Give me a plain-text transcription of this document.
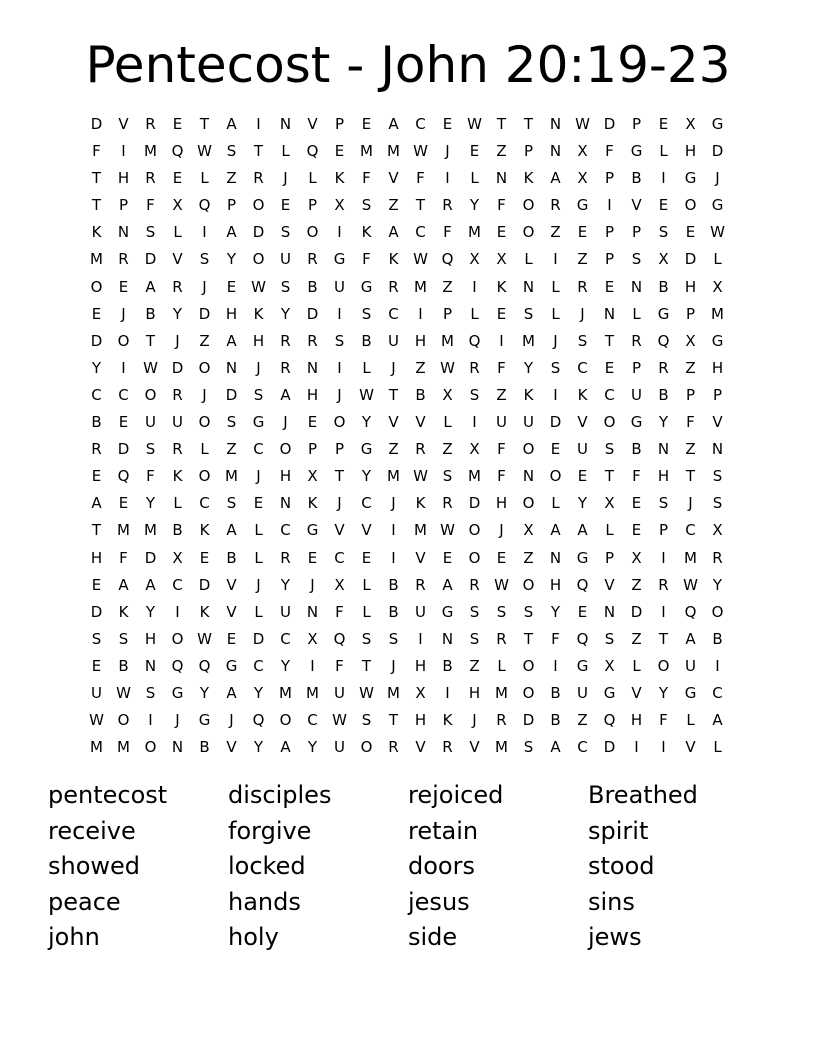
Pentecost - John 20:19-23
D	V	R	E	T	A	I	N	V	P	E	A	C	E W T	T	N W D	P	E	X	G
F	I	M Q W S	T	L	Q	E	M M W	J	E	Z	P	N	X	F	G	L	H	D
T	H	R	E	L	Z	R	J	L	K	F	V	F	I	L	N	K	A	X	P	B	I	G	J
T	P	F	X	Q	P	O	E	P	X	S	Z	T	R	Y	F	O	R	G	I	V	E	O	G
K	N	S	L	I	A	D	S	O	I	K	A	C	F	M	E	O	Z	E	P	P	S	E W
M	R	D	V	S	Y	O	U	R	G	F	K W Q	X	X	L	I	Z	P	S	X	D	L
O	E	A	R	J	E W S	B	U	G	R	M	Z	I	K	N	L	R	E	N	B	H	X
E	J	B	Y	D	H	K	Y	D	I	S	C	I	P	L	E	S	L	J	N	L	G	P	M
D	O	T	J	Z	A	H	R	R	S	B	U	H M Q	I	M	J	S	T	R	Q	X	G
Y	I	W D	O	N	J	R	N	I	L	J	Z W R	F	Y	S	C	E	P	R	Z	H
C	C	O	R	J	D	S	A	H	J	W T	B	X	S	Z	K	I	K	C	U	B	P	P
B	E	U	U	O	S	G	J	E	O	Y	V	V	L	I	U	U	D	V	O	G	Y	F	V
R	D	S	R	L	Z	C	O	P	P	G	Z	R	Z	X	F	O	E	U	S	B	N	Z	N
E	Q	F	K	O M	J	H	X	T	Y	M W S	M	F	N	O	E	T	F	H	T	S
A	E	Y	L	C	S	E	N	K	J	C	J	K	R	D	H	O	L	Y	X	E	S	J	S
T	M M	B	K	A	L	C	G	V	V	I	M W O	J	X	A	A	L	E	P	C	X
H	F	D	X	E	B	L	R	E	C	E	I	V	E	O	E	Z	N	G	P	X	I	M	R
E	A	A	C	D	V	J	Y	J	X	L	B	R	A	R W O	H	Q	V	Z	R W Y
D	K	Y	I	K	V	L	U	N	F	L	B	U	G	S	S	S	Y	E	N	D	I	Q	O
S	S	H	O W E	D	C	X	Q	S	S	I	N	S	R	T	F	Q	S	Z	T	A	B
E	B	N	Q	Q	G	C	Y	I	F	T	J	H	B	Z	L	O	I	G	X	L	O	U	I
U W S	G	Y	A	Y	M M	U W M	X	I	H M O	B	U	G	V	Y	G	C
W O	I	J	G	J	Q	O	C W S	T	H	K	J	R	D	B	Z	Q	H	F	L	A
M M O	N	B	V	Y	A	Y	U	O	R	V	R	V	M	S	A	C	D	I	I	V	L
pentecost	disciples	rejoiced	Breathed
receive	forgive	retain	spirit
showed	locked	doors	stood
peace	hands	jesus	sins
john	holy	side	jews
